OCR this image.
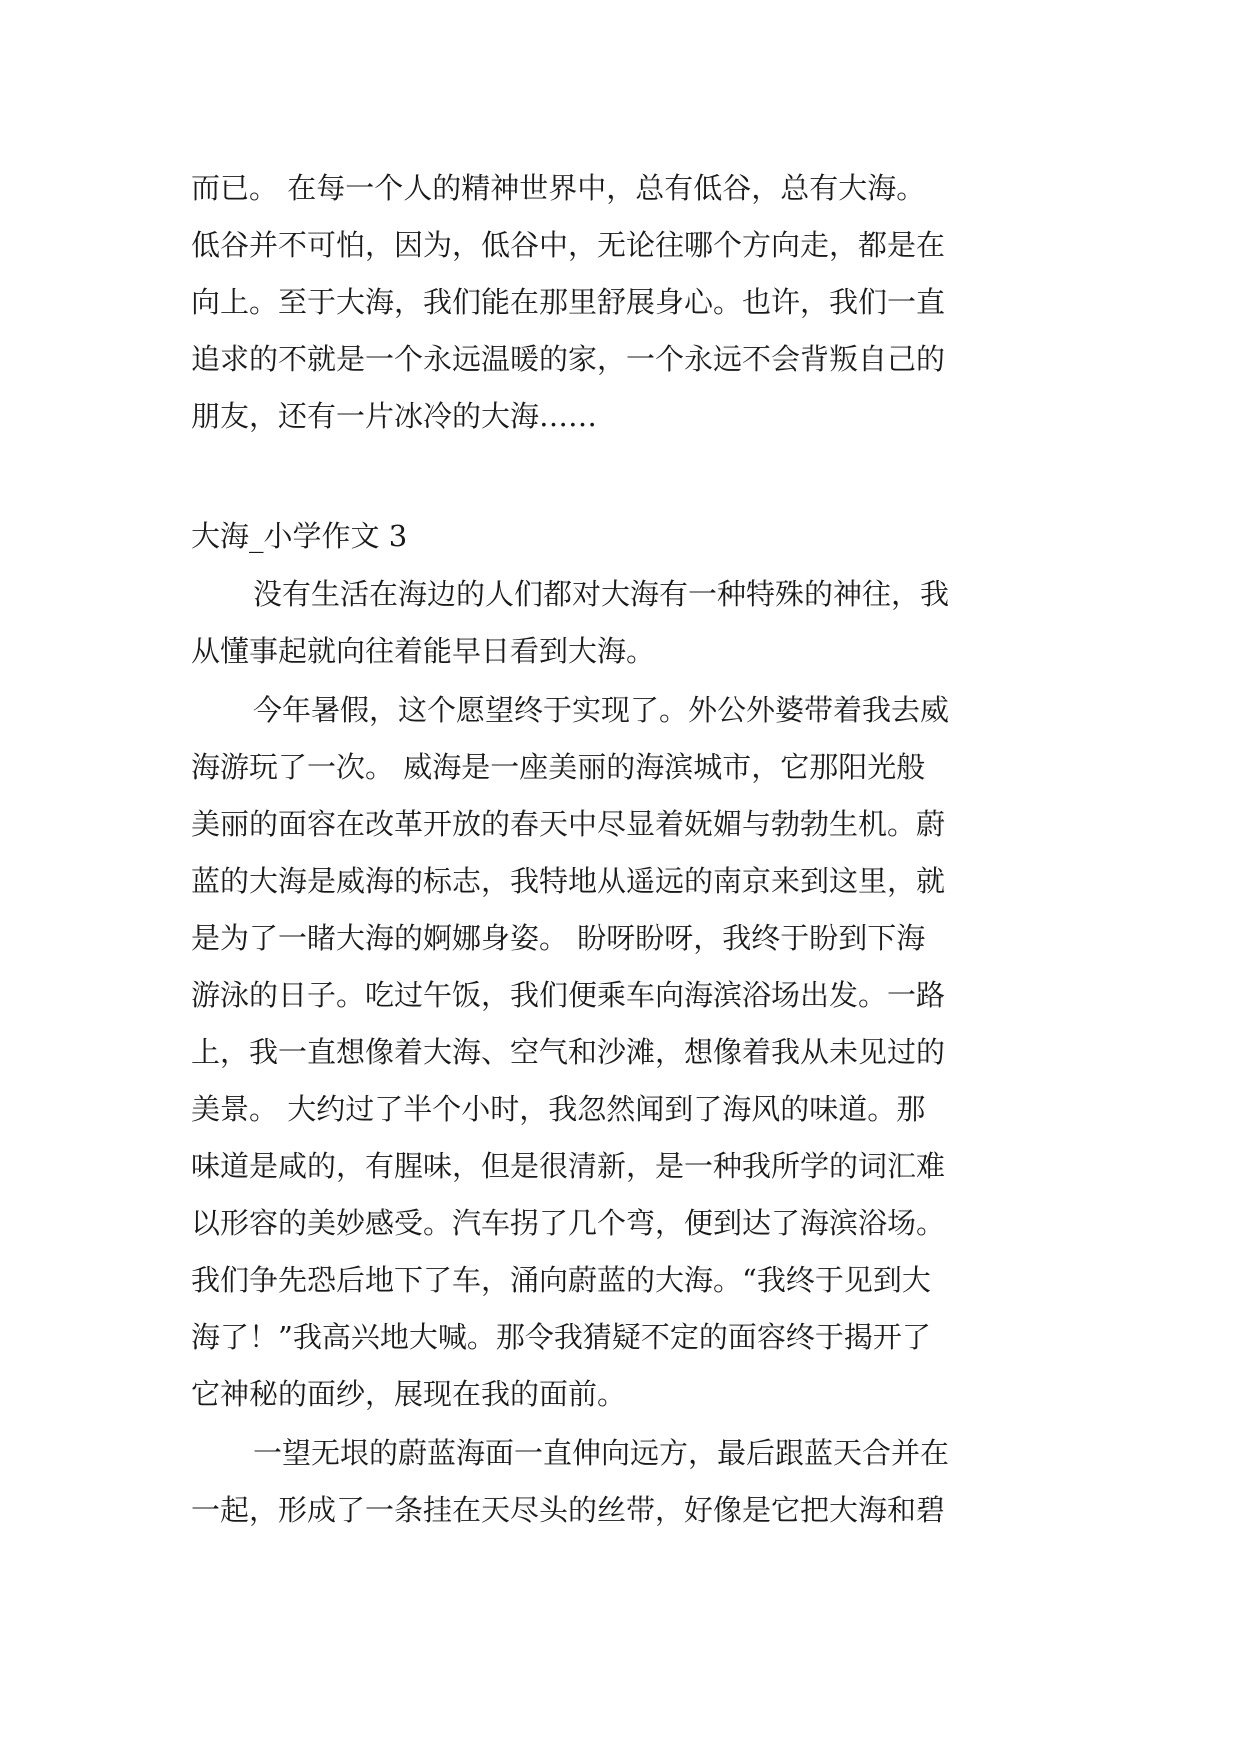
而已。 在每一个人的精神世界中，总有低谷，总有大海。
低谷并不可怕，因为，低谷中，无论往哪个方向走，都是在
向上。至于大海，我们能在那里舒展身心。也许，我们一直
追求的不就是一个永远温暖的家，一个永远不会背叛自己的
朋友，还有一片冰冷的大海……
大海_小学作文 3
没有生活在海边的人们都对大海有一种特殊的神往，我
从懂事起就向往着能早日看到大海。
今年暑假，这个愿望终于实现了。外公外婆带着我去威
海游玩了一次。 威海是一座美丽的海滨城市，它那阳光般
美丽的面容在改革开放的春天中尽显着妩媚与勃勃生机。蔚
蓝的大海是威海的标志，我特地从遥远的南京来到这里，就
是为了一睹大海的婀娜身姿。 盼呀盼呀，我终于盼到下海
游泳的日子。吃过午饭，我们便乘车向海滨浴场出发。一路
上，我一直想像着大海、空气和沙滩，想像着我从未见过的
美景。 大约过了半个小时，我忽然闻到了海风的味道。那
味道是咸的，有腥味，但是很清新，是一种我所学的词汇难
以形容的美妙感受。汽车拐了几个弯，便到达了海滨浴场。
我们争先恐后地下了车，涌向蔚蓝的大海。“我终于见到大
海了！”我高兴地大喊。那令我猜疑不定的面容终于揭开了
它神秘的面纱，展现在我的面前。
一望无垠的蔚蓝海面一直伸向远方，最后跟蓝天合并在
一起，形成了一条挂在天尽头的丝带，好像是它把大海和碧
